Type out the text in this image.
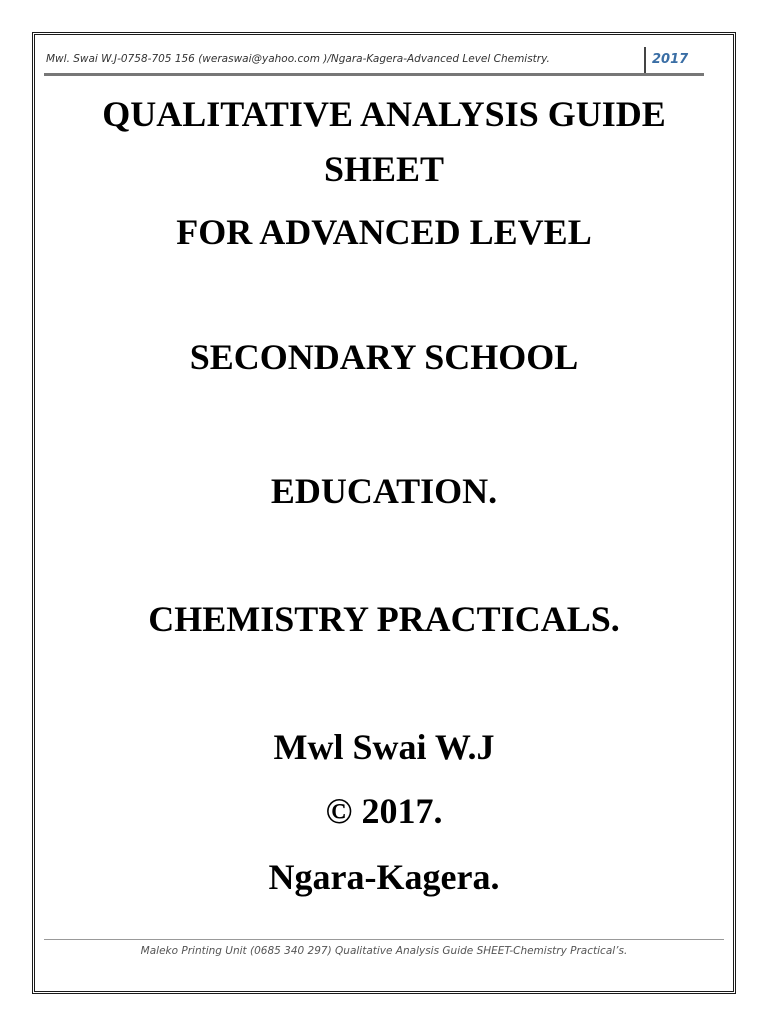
Mwl. Swai W.J-0758-705 156 (weraswai@yahoo.com )/Ngara-Kagera-Advanced Level Chemistry.	2017
QUALITATIVE ANALYSIS GUIDE
SHEET
FOR ADVANCED LEVEL
SECONDARY SCHOOL
EDUCATION.
CHEMISTRY PRACTICALS.
Mwl Swai W.J
© 2017.
Ngara-Kagera.
Maleko Printing Unit (0685 340 297) Qualitative Analysis Guide SHEET-Chemistry Practical’s.
